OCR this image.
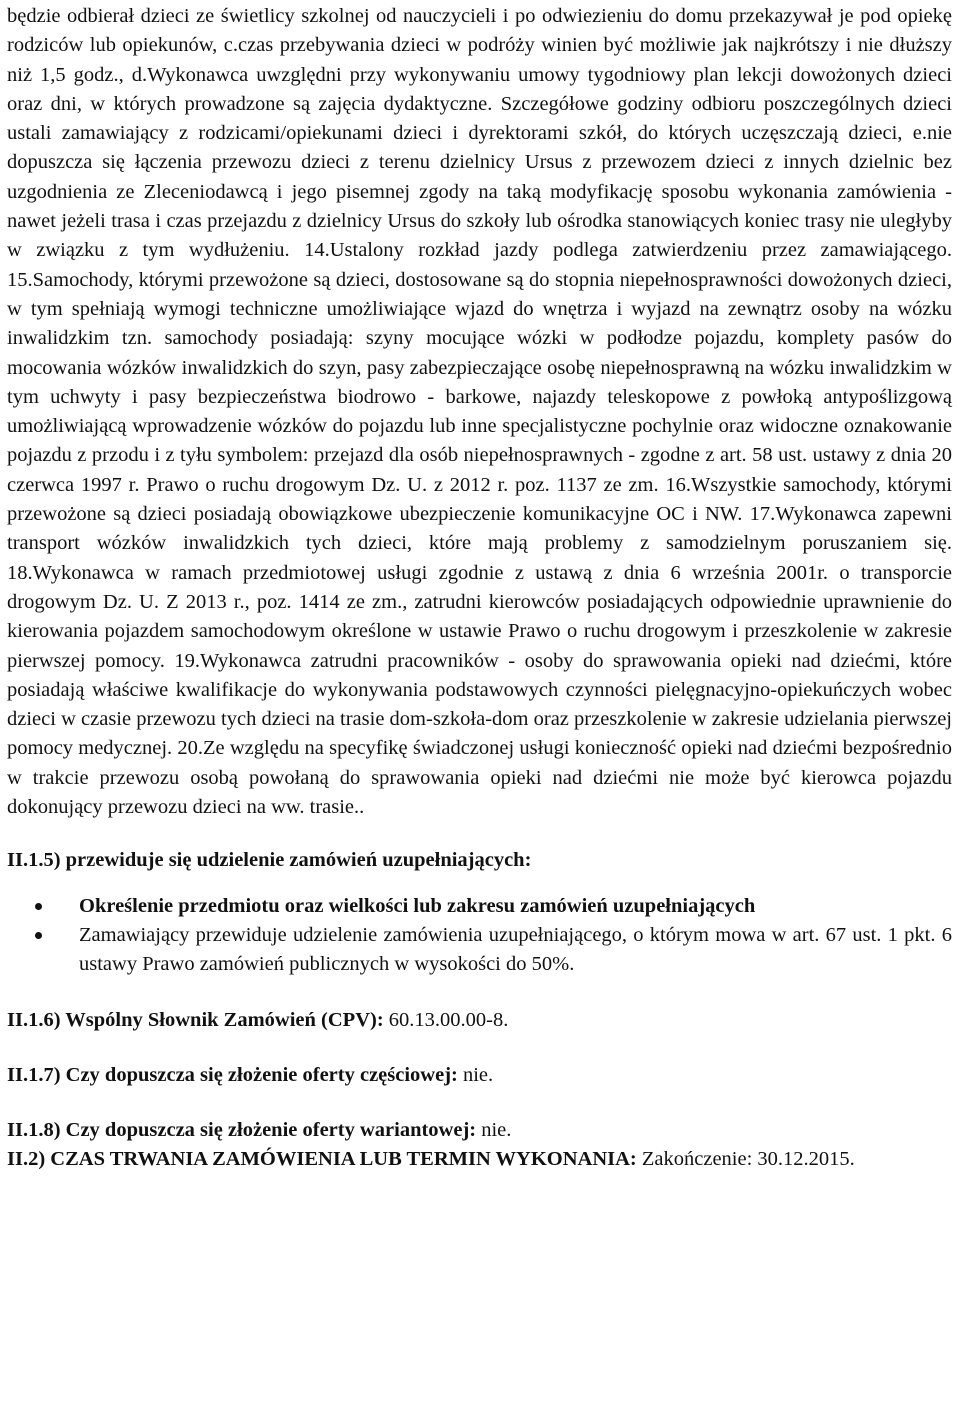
będzie odbierał dzieci ze świetlicy szkolnej od nauczycieli i po odwiezieniu do domu przekazywał je pod opiekę rodziców lub opiekunów, c.czas przebywania dzieci w podróży winien być możliwie jak najkrótszy i nie dłuższy niż 1,5 godz., d.Wykonawca uwzględni przy wykonywaniu umowy tygodniowy plan lekcji dowożonych dzieci oraz dni, w których prowadzone są zajęcia dydaktyczne. Szczegółowe godziny odbioru poszczególnych dzieci ustali zamawiający z rodzicami/opiekunami dzieci i dyrektorami szkół, do których uczęszczają dzieci, e.nie dopuszcza się łączenia przewozu dzieci z terenu dzielnicy Ursus z przewozem dzieci z innych dzielnic bez uzgodnienia ze Zleceniodawcą i jego pisemnej zgody na taką modyfikację sposobu wykonania zamówienia - nawet jeżeli trasa i czas przejazdu z dzielnicy Ursus do szkoły lub ośrodka stanowiących koniec trasy nie uległyby w związku z tym wydłużeniu. 14.Ustalony rozkład jazdy podlega zatwierdzeniu przez zamawiającego. 15.Samochody, którymi przewożone są dzieci, dostosowane są do stopnia niepełnosprawności dowożonych dzieci, w tym spełniają wymogi techniczne umożliwiające wjazd do wnętrza i wyjazd na zewnątrz osoby na wózku inwalidzkim tzn. samochody posiadają: szyny mocujące wózki w podłodze pojazdu, komplety pasów do mocowania wózków inwalidzkich do szyn, pasy zabezpieczające osobę niepełnosprawną na wózku inwalidzkim w tym uchwyty i pasy bezpieczeństwa biodrowo - barkowe, najazdy teleskopowe z powłoką antypoślizgową umożliwiającą wprowadzenie wózków do pojazdu lub inne specjalistyczne pochylnie oraz widoczne oznakowanie pojazdu z przodu i z tyłu symbolem: przejazd dla osób niepełnosprawnych - zgodne z art. 58 ust. ustawy z dnia 20 czerwca 1997 r. Prawo o ruchu drogowym Dz. U. z 2012 r. poz. 1137 ze zm. 16.Wszystkie samochody, którymi przewożone są dzieci posiadają obowiązkowe ubezpieczenie komunikacyjne OC i NW. 17.Wykonawca zapewni transport wózków inwalidzkich tych dzieci, które mają problemy z samodzielnym poruszaniem się. 18.Wykonawca w ramach przedmiotowej usługi zgodnie z ustawą z dnia 6 września 2001r. o transporcie drogowym Dz. U. Z 2013 r., poz. 1414 ze zm., zatrudni kierowców posiadających odpowiednie uprawnienie do kierowania pojazdem samochodowym określone w ustawie Prawo o ruchu drogowym i przeszkolenie w zakresie pierwszej pomocy. 19.Wykonawca zatrudni pracowników - osoby do sprawowania opieki nad dziećmi, które posiadają właściwe kwalifikacje do wykonywania podstawowych czynności pielęgnacyjno-opiekuńczych wobec dzieci w czasie przewozu tych dzieci na trasie dom-szkoła-dom oraz przeszkolenie w zakresie udzielania pierwszej pomocy medycznej. 20.Ze względu na specyfikę świadczonej usługi konieczność opieki nad dziećmi bezpośrednio w trakcie przewozu osobą powołaną do sprawowania opieki nad dziećmi nie może być kierowca pojazdu dokonujący przewozu dzieci na ww. trasie..

II.1.5) przewiduje się udzielenie zamówień uzupełniających:

Określenie przedmiotu oraz wielkości lub zakresu zamówień uzupełniających
Zamawiający przewiduje udzielenie zamówienia uzupełniającego, o którym mowa w art. 67 ust. 1 pkt. 6 ustawy Prawo zamówień publicznych w wysokości do 50%.

II.1.6) Wspólny Słownik Zamówień (CPV): 60.13.00.00-8.

II.1.7) Czy dopuszcza się złożenie oferty częściowej: nie.

II.1.8) Czy dopuszcza się złożenie oferty wariantowej: nie.

II.2) CZAS TRWANIA ZAMÓWIENIA LUB TERMIN WYKONANIA: Zakończenie: 30.12.2015.
